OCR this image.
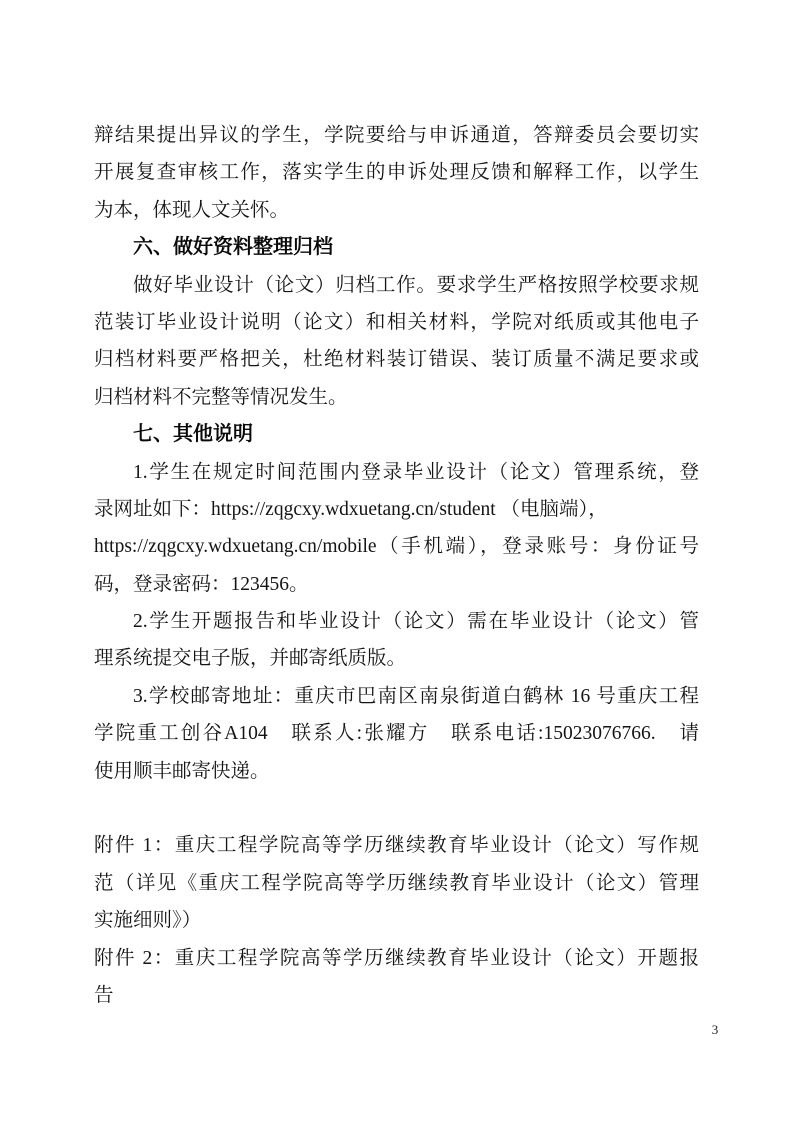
辩结果提出异议的学生，学院要给与申诉通道，答辩委员会要切实
开展复查审核工作，落实学生的申诉处理反馈和解释工作，以学生
为本，体现人文关怀。
六、做好资料整理归档
做好毕业设计（论文）归档工作。要求学生严格按照学校要求规
范装订毕业设计说明（论文）和相关材料，学院对纸质或其他电子
归档材料要严格把关，杜绝材料装订错误、装订质量不满足要求或
归档材料不完整等情况发生。
七、其他说明
1.学生在规定时间范围内登录毕业设计（论文）管理系统，登
录网址如下：https://zqgcxy.wdxuetang.cn/student （电脑端），
https://zqgcxy.wdxuetang.cn/mobile（手机端），登录账号：身份证号
码，登录密码：123456。
2.学生开题报告和毕业设计（论文）需在毕业设计（论文）管
理系统提交电子版，并邮寄纸质版。
3.学校邮寄地址：重庆市巴南区南泉街道白鹤林 16 号重庆工程
学院重工创谷A104　联系人:张耀方　联系电话:15023076766.　请
使用顺丰邮寄快递。
附件 1：重庆工程学院高等学历继续教育毕业设计（论文）写作规
范（详见《重庆工程学院高等学历继续教育毕业设计（论文）管理
实施细则》）
附件 2：重庆工程学院高等学历继续教育毕业设计（论文）开题报
告
3
